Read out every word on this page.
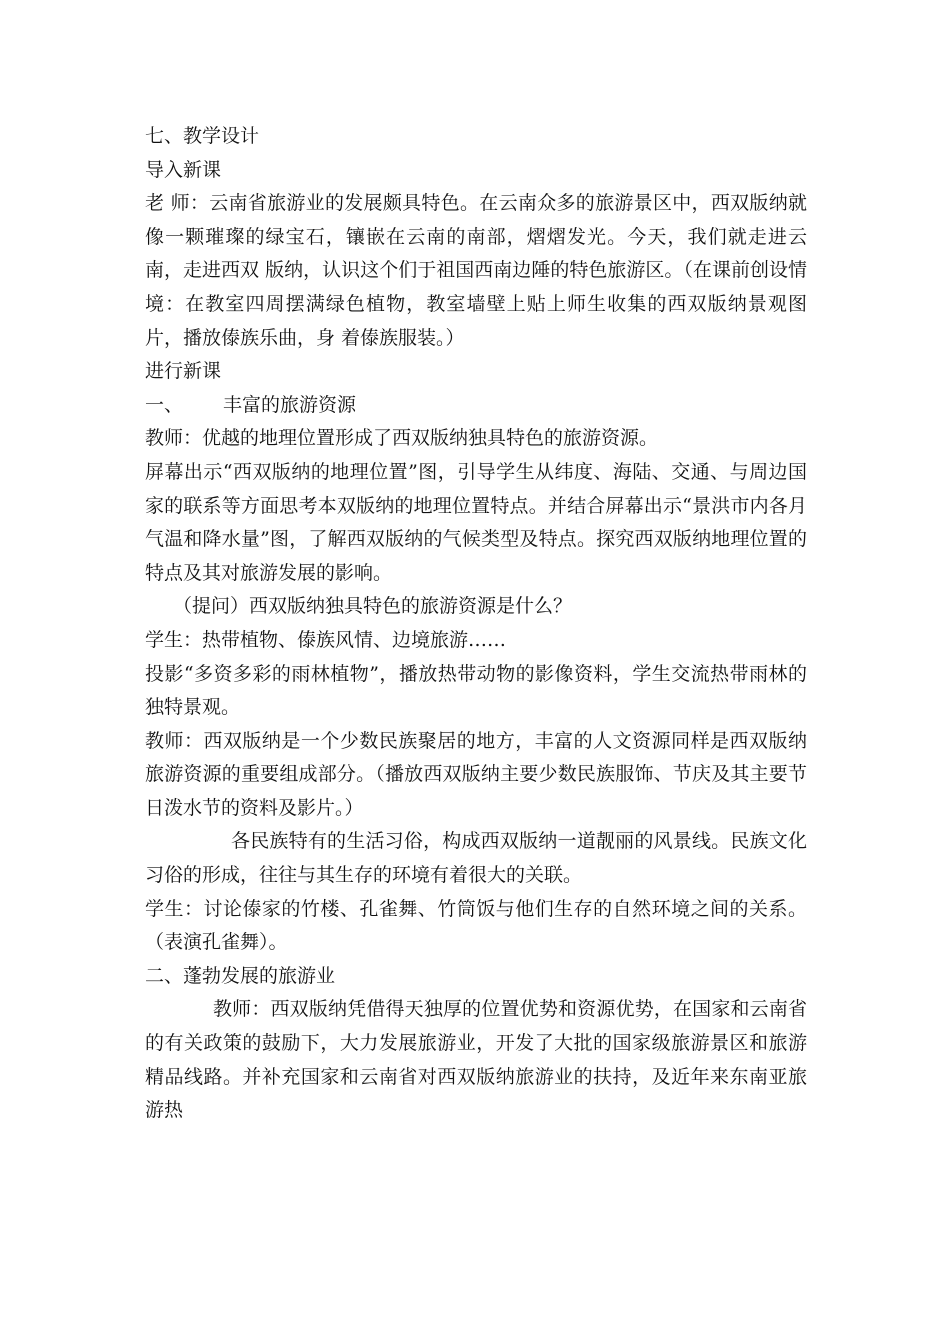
七、教学设计
导入新课
老 师：云南省旅游业的发展颇具特色。在云南众多的旅游景区中，西双版纳就像一颗璀璨的绿宝石，镶嵌在云南的南部，熠熠发光。今天，我们就走进云南，走进西双 版纳，认识这个们于祖国西南边陲的特色旅游区。（在课前创设情境：在教室四周摆满绿色植物，教室墙壁上贴上师生收集的西双版纳景观图片，播放傣族乐曲，身 着傣族服装。）
进行新课
一、 丰富的旅游资源
教师：优越的地理位置形成了西双版纳独具特色的旅游资源。
屏幕出示“西双版纳的地理位置”图，引导学生从纬度、海陆、交通、与周边国家的联系等方面思考本双版纳的地理位置特点。并结合屏幕出示“景洪市内各月气温和降水量”图，了解西双版纳的气候类型及特点。探究西双版纳地理位置的特点及其对旅游发展的影响。
（提问）西双版纳独具特色的旅游资源是什么？
学生：热带植物、傣族风情、边境旅游……
投影“多资多彩的雨林植物”，播放热带动物的影像资料，学生交流热带雨林的独特景观。
教师：西双版纳是一个少数民族聚居的地方，丰富的人文资源同样是西双版纳旅游资源的重要组成部分。（播放西双版纳主要少数民族服饰、节庆及其主要节日泼水节的资料及影片。）
各民族特有的生活习俗，构成西双版纳一道靓丽的风景线。民族文化习俗的形成，往往与其生存的环境有着很大的关联。
学生：讨论傣家的竹楼、孔雀舞、竹筒饭与他们生存的自然环境之间的关系。（表演孔雀舞）。
二、蓬勃发展的旅游业
教师：西双版纳凭借得天独厚的位置优势和资源优势，在国家和云南省的有关政策的鼓励下，大力发展旅游业，开发了大批的国家级旅游景区和旅游精品线路。并补充国家和云南省对西双版纳旅游业的扶持，及近年来东南亚旅游热
